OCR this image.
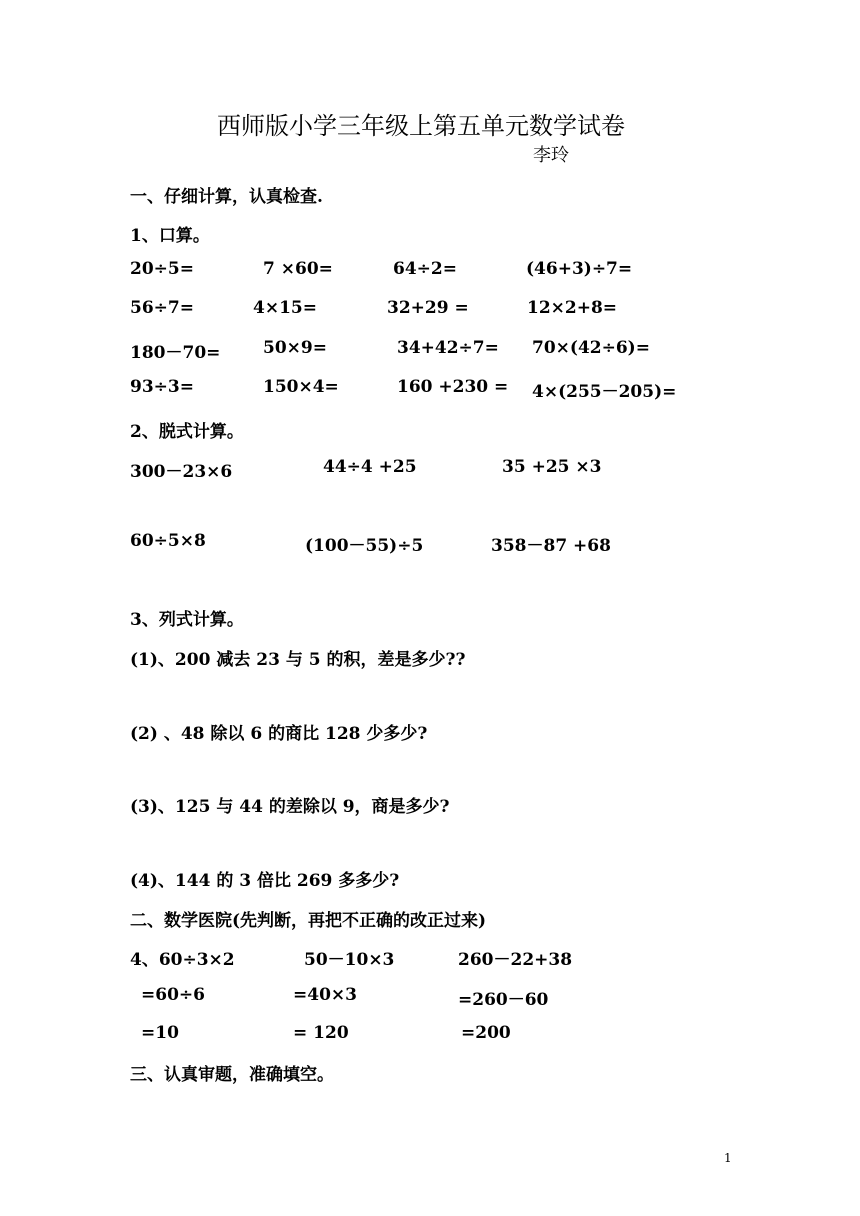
西师版小学三年级上第五单元数学试卷
李玲
一、仔细计算，认真检查.
1、口算。
20÷5=	7 ×60=	64÷2=	(46+3)÷7=
56÷7=	4×15=	32+29 =	12×2+8=
180－70=	50×9=	34+42÷7= 70×(42÷6)=
93÷3=	150×4=	160 +230 = 4×(255－205)=
2、脱式计算。
300－23×6	44÷4 +25	35 +25 ×3
60÷5×8	(100－55)÷5	358－87 +68
3、列式计算。
(1)、200 减去 23 与 5 的积，差是多少??
(2) 、48 除以 6 的商比 128 少多少?
(3)、125 与 44 的差除以 9，商是多少?
(4)、144 的 3 倍比 269 多多少?
二、数学医院(先判断，再把不正确的改正过来)
4、60÷3×2	50－10×3	260－22+38
=60÷6	=40×3	=260－60
=10	= 120	=200
三、认真审题，准确填空。
1
